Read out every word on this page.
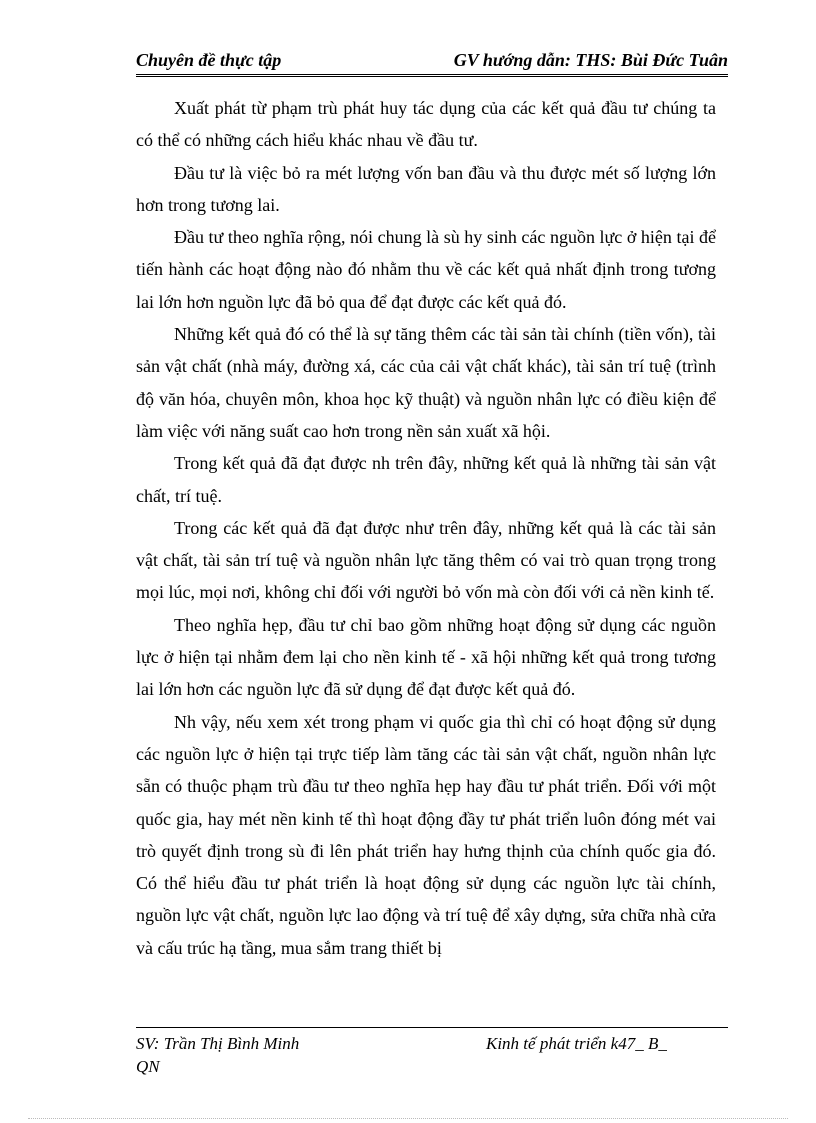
Chuyên đề thực tập	GV hướng dẫn: THS: Bùi Đức Tuân

Xuất phát từ phạm trù phát huy tác dụng của các kết quả đầu tư chúng ta có thể có những cách hiểu khác nhau về đầu tư.

Đầu tư là việc bỏ ra mét lượng vốn ban đầu và thu được mét số lượng lớn hơn trong tương lai.

Đầu tư theo nghĩa rộng, nói chung là sù hy sinh các nguồn lực ở hiện tại để tiến hành các hoạt động nào đó nhằm thu về các kết quả nhất định trong tương lai lớn hơn nguồn lực đã bỏ qua để đạt được các kết quả đó.

Những kết quả đó có thể là sự tăng thêm các tài sản tài chính (tiền vốn), tài sản vật chất (nhà máy, đường xá, các của cải vật chất khác), tài sản trí tuệ (trình độ văn hóa, chuyên môn, khoa học kỹ thuật) và nguồn nhân lực có điều kiện để làm việc với năng suất cao hơn trong nền sản xuất xã hội.

Trong kết quả đã đạt được nh trên đây, những kết quả là những tài sản vật chất, trí tuệ.

Trong các kết quả đã đạt được như trên đây, những kết quả là các tài sản vật chất, tài sản trí tuệ và nguồn nhân lực tăng thêm có vai trò quan trọng trong mọi lúc, mọi nơi, không chỉ đối với người bỏ vốn mà còn đối với cả nền kinh tế.

Theo nghĩa hẹp, đầu tư chỉ bao gồm những hoạt động sử dụng các nguồn lực ở hiện tại nhằm đem lại cho nền kinh tế - xã hội những kết quả trong tương lai lớn hơn các nguồn lực đã sử dụng để đạt được kết quả đó.

Nh vậy, nếu xem xét trong phạm vi quốc gia thì chỉ có hoạt động sử dụng các nguồn lực ở hiện tại trực tiếp làm tăng các tài sản vật chất, nguồn nhân lực sẵn có thuộc phạm trù đầu tư theo nghĩa hẹp hay đầu tư phát triển. Đối với một quốc gia, hay mét nền kinh tế thì hoạt động đầy tư phát triển luôn đóng mét vai trò quyết định trong sù đi lên phát triển hay hưng thịnh của chính quốc gia đó. Có thể hiểu đầu tư phát triển là hoạt động sử dụng các nguồn lực tài chính, nguồn lực vật chất, nguồn lực lao động và trí tuệ để xây dựng, sửa chữa nhà cửa và cấu trúc hạ tầng, mua sắm trang thiết bị

SV: Trần Thị Bình Minh	Kinh tế phát triển k47_ B_
QN
